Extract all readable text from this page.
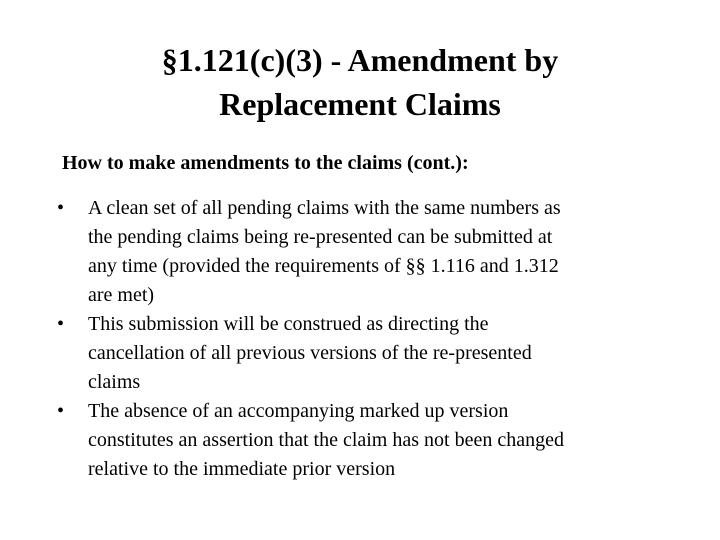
§1.121(c)(3) - Amendment by
Replacement Claims

How to make amendments to the claims (cont.):

•	A clean set of all pending claims with the same numbers as
the pending claims being re-presented can be submitted at
any time (provided the requirements of §§ 1.116 and 1.312
are met)
•	This submission will be construed as directing the
cancellation of all previous versions of the re-presented
claims
•	The absence of an accompanying marked up version
constitutes an assertion that the claim has not been changed
relative to the immediate prior version
